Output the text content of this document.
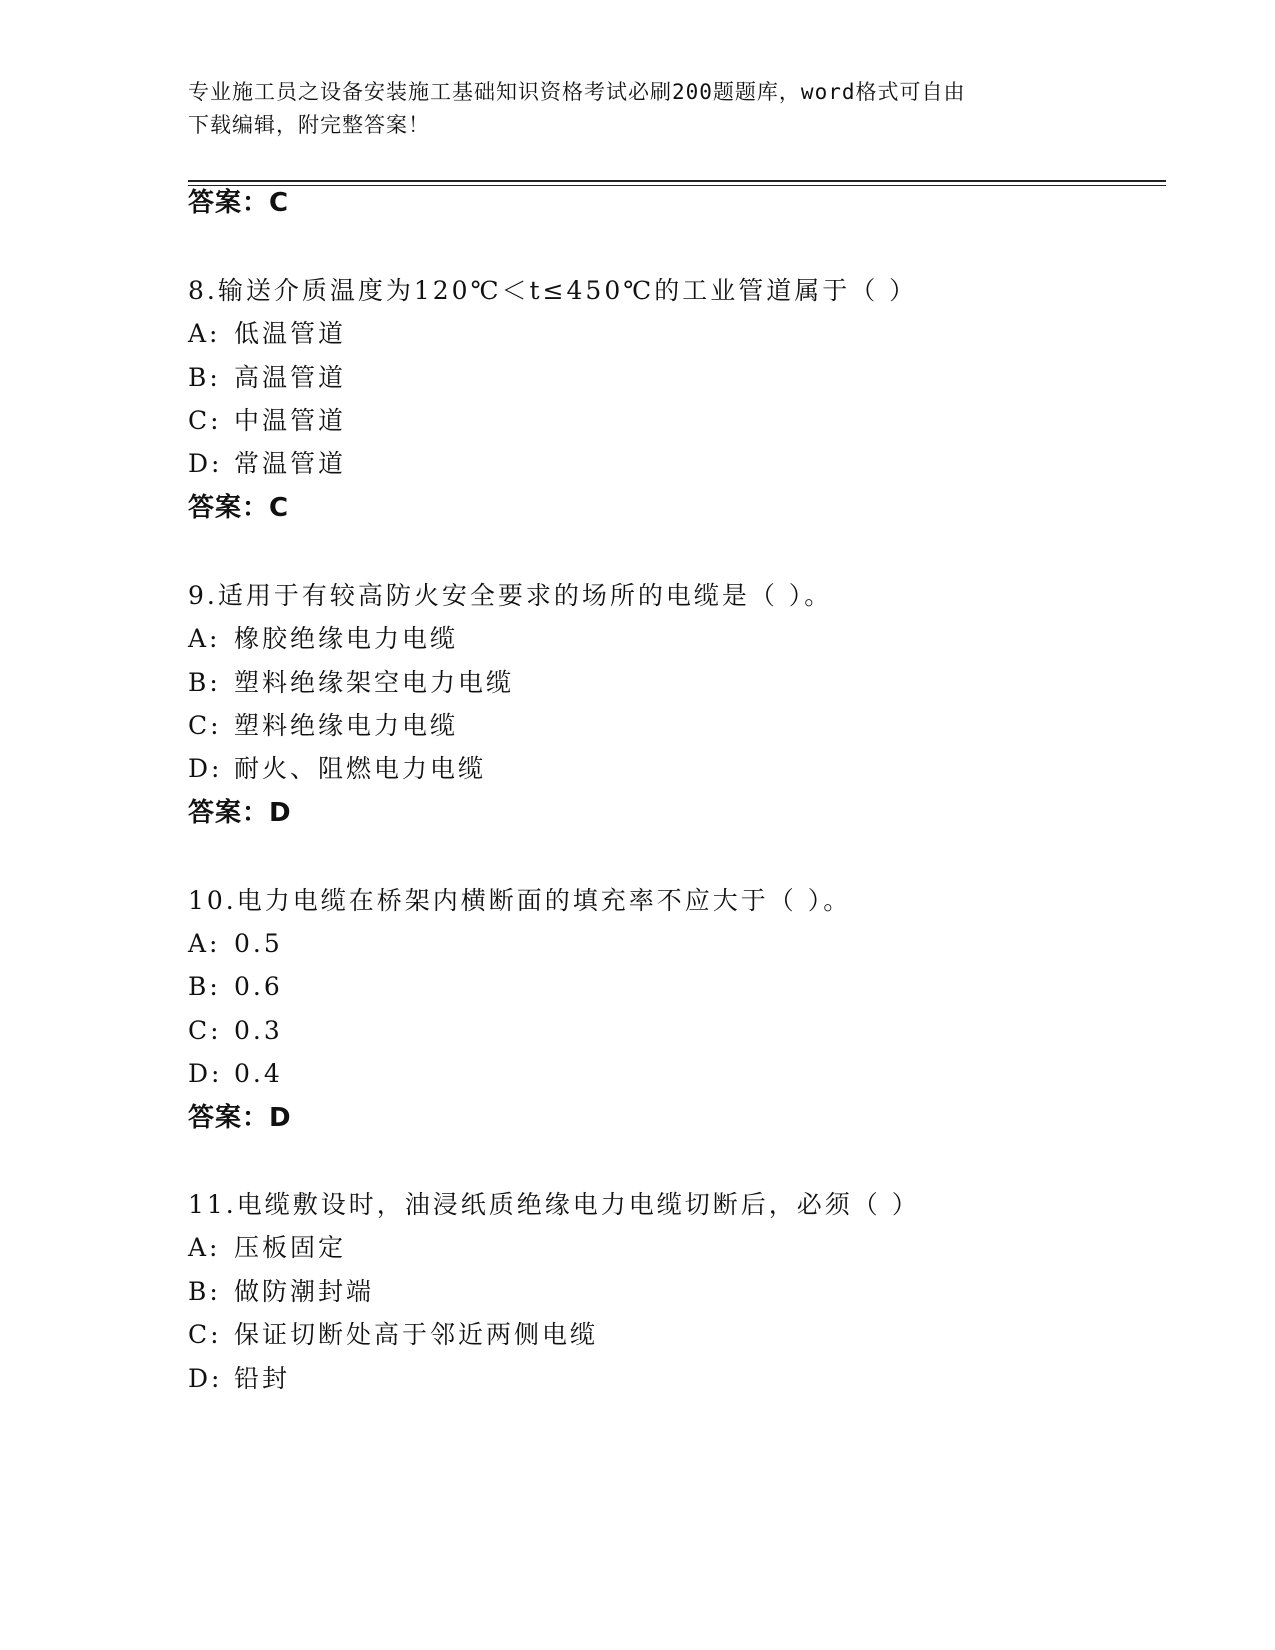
专业施工员之设备安装施工基础知识资格考试必刷200题题库，word格式可自由
下载编辑，附完整答案！
答案：C
8.输送介质温度为120℃＜t≤450℃的工业管道属于（ ）
A: 低温管道
B: 高温管道
C: 中温管道
D: 常温管道
答案：C
9.适用于有较高防火安全要求的场所的电缆是（ ）。
A: 橡胶绝缘电力电缆
B: 塑料绝缘架空电力电缆
C: 塑料绝缘电力电缆
D: 耐火、阻燃电力电缆
答案：D
10.电力电缆在桥架内横断面的填充率不应大于（ ）。
A: 0.5
B: 0.6
C: 0.3
D: 0.4
答案：D
11.电缆敷设时，油浸纸质绝缘电力电缆切断后，必须（ ）
A: 压板固定
B: 做防潮封端
C: 保证切断处高于邻近两侧电缆
D: 铅封
